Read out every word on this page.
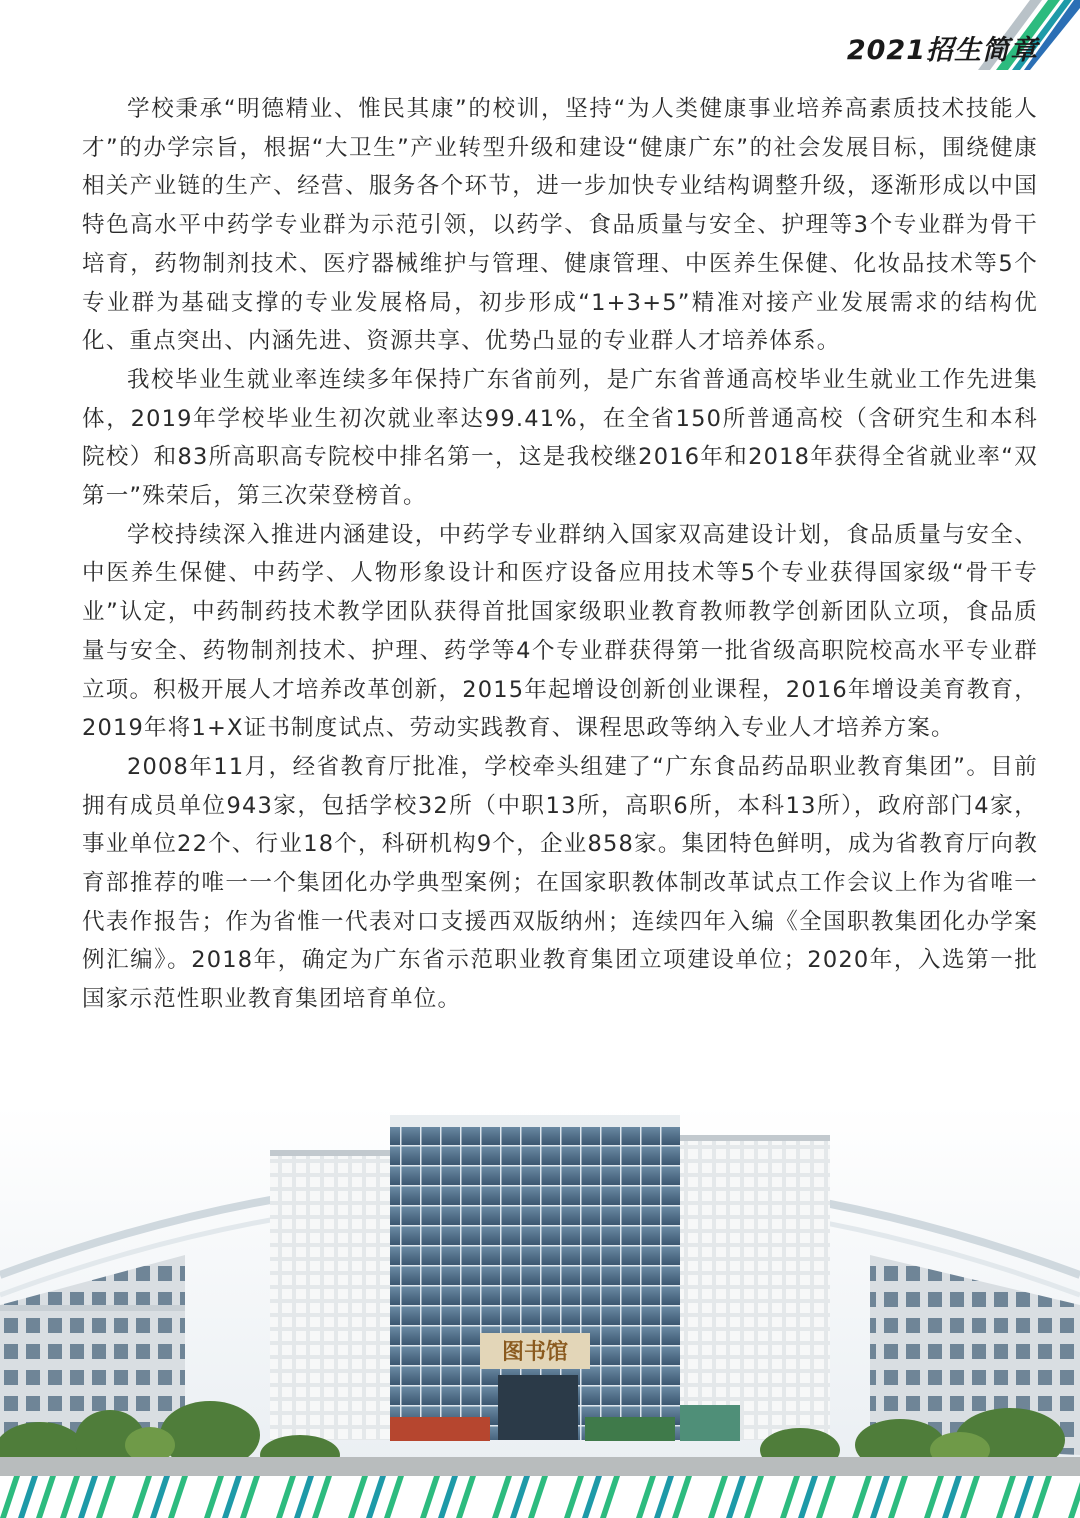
2021招生简章

学校秉承“明德精业、惟民其康”的校训，坚持“为人类健康事业培养高素质技术技能人才”的办学宗旨，根据“大卫生”产业转型升级和建设“健康广东”的社会发展目标，围绕健康相关产业链的生产、经营、服务各个环节，进一步加快专业结构调整升级，逐渐形成以中国特色高水平中药学专业群为示范引领，以药学、食品质量与安全、护理等3个专业群为骨干培育，药物制剂技术、医疗器械维护与管理、健康管理、中医养生保健、化妆品技术等5个专业群为基础支撑的专业发展格局，初步形成“1+3+5”精准对接产业发展需求的结构优化、重点突出、内涵先进、资源共享、优势凸显的专业群人才培养体系。

我校毕业生就业率连续多年保持广东省前列，是广东省普通高校毕业生就业工作先进集体，2019年学校毕业生初次就业率达99.41%，在全省150所普通高校（含研究生和本科院校）和83所高职高专院校中排名第一，这是我校继2016年和2018年获得全省就业率“双第一”殊荣后，第三次荣登榜首。

学校持续深入推进内涵建设，中药学专业群纳入国家双高建设计划，食品质量与安全、中医养生保健、中药学、人物形象设计和医疗设备应用技术等5个专业获得国家级“骨干专业”认定，中药制药技术教学团队获得首批国家级职业教育教师教学创新团队立项，食品质量与安全、药物制剂技术、护理、药学等4个专业群获得第一批省级高职院校高水平专业群立项。积极开展人才培养改革创新，2015年起增设创新创业课程，2016年增设美育教育，2019年将1+X证书制度试点、劳动实践教育、课程思政等纳入专业人才培养方案。

2008年11月，经省教育厅批准，学校牵头组建了“广东食品药品职业教育集团”。目前拥有成员单位943家，包括学校32所（中职13所，高职6所，本科13所），政府部门4家，事业单位22个、行业18个，科研机构9个，企业858家。集团特色鲜明，成为省教育厅向教育部推荐的唯一一个集团化办学典型案例；在国家职教体制改革试点工作会议上作为省唯一代表作报告；作为省惟一代表对口支援西双版纳州；连续四年入编《全国职教集团化办学案例汇编》。2018年，确定为广东省示范职业教育集团立项建设单位；2020年，入选第一批国家示范性职业教育集团培育单位。

图书馆
